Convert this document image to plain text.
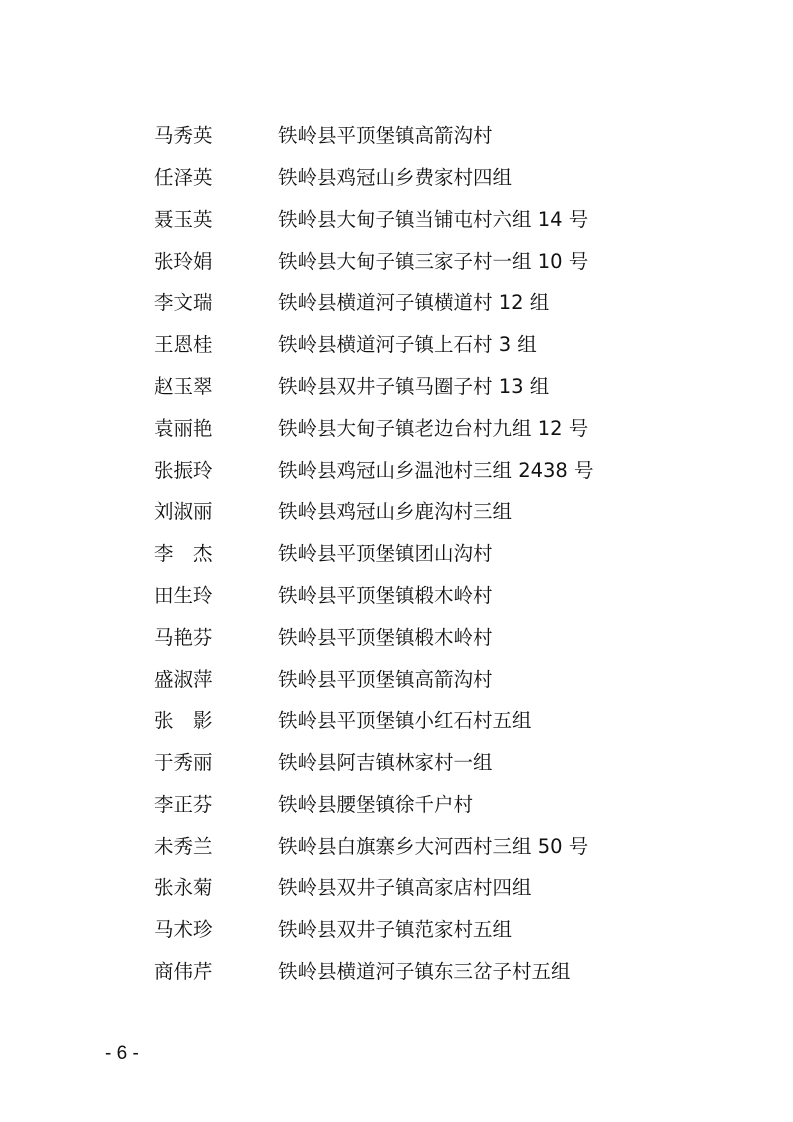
马秀英	铁岭县平顶堡镇高箭沟村
任泽英	铁岭县鸡冠山乡费家村四组
聂玉英	铁岭县大甸子镇当铺屯村六组 14 号
张玲娟	铁岭县大甸子镇三家子村一组 10 号
李文瑞	铁岭县横道河子镇横道村 12 组
王恩桂	铁岭县横道河子镇上石村 3 组
赵玉翠	铁岭县双井子镇马圈子村 13 组
袁丽艳	铁岭县大甸子镇老边台村九组 12 号
张振玲	铁岭县鸡冠山乡温池村三组 2438 号
刘淑丽	铁岭县鸡冠山乡鹿沟村三组
李　杰	铁岭县平顶堡镇团山沟村
田生玲	铁岭县平顶堡镇椴木岭村
马艳芬	铁岭县平顶堡镇椴木岭村
盛淑萍	铁岭县平顶堡镇高箭沟村
张　影	铁岭县平顶堡镇小红石村五组
于秀丽	铁岭县阿吉镇林家村一组
李正芬	铁岭县腰堡镇徐千户村
未秀兰	铁岭县白旗寨乡大河西村三组 50 号
张永菊	铁岭县双井子镇高家店村四组
马术珍	铁岭县双井子镇范家村五组
商伟芹	铁岭县横道河子镇东三岔子村五组
- 6 -
